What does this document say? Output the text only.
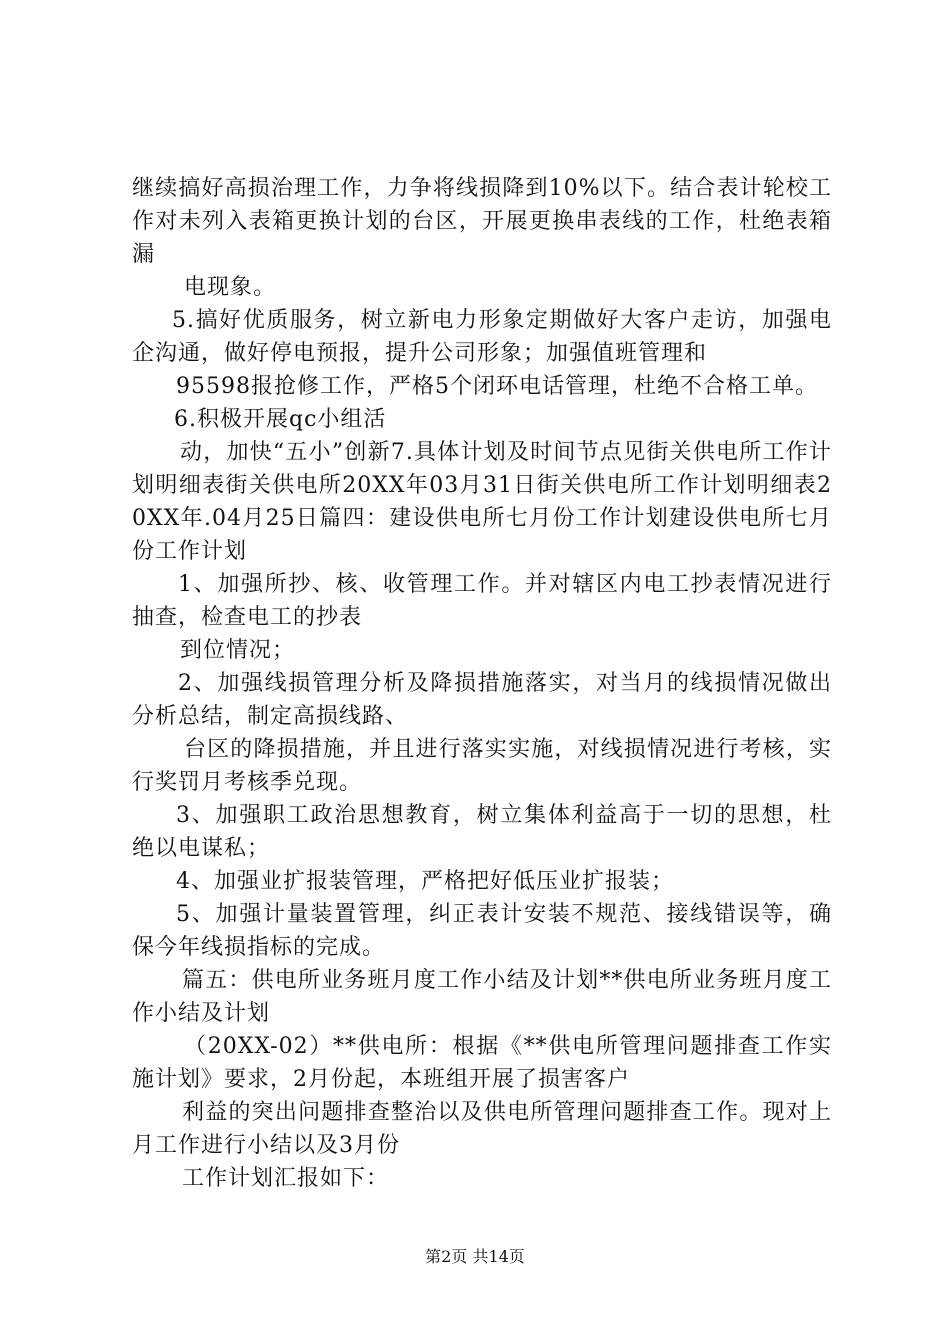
继续搞好高损治理工作，力争将线损降到10%以下。结合表计轮校工作对未列入表箱更换计划的台区，开展更换串表线的工作，杜绝表箱漏

电现象。

5.搞好优质服务，树立新电力形象定期做好大客户走访，加强电企沟通，做好停电预报，提升公司形象；加强值班管理和

95598报抢修工作，严格5个闭环电话管理，杜绝不合格工单。

6.积极开展qc小组活

动，加快“五小”创新7.具体计划及时间节点见街关供电所工作计划明细表街关供电所20XX年03月31日街关供电所工作计划明细表20XX年.04月25日篇四：建设供电所七月份工作计划建设供电所七月份工作计划

1、加强所抄、核、收管理工作。并对辖区内电工抄表情况进行抽查，检查电工的抄表

到位情况；

2、加强线损管理分析及降损措施落实，对当月的线损情况做出分析总结，制定高损线路、

台区的降损措施，并且进行落实实施，对线损情况进行考核，实行奖罚月考核季兑现。

3、加强职工政治思想教育，树立集体利益高于一切的思想，杜绝以电谋私；

4、加强业扩报装管理，严格把好低压业扩报装；

5、加强计量装置管理，纠正表计安装不规范、接线错误等，确保今年线损指标的完成。

篇五：供电所业务班月度工作小结及计划**供电所业务班月度工作小结及计划

（20XX-02）**供电所：根据《**供电所管理问题排查工作实施计划》要求，2月份起，本班组开展了损害客户

利益的突出问题排查整治以及供电所管理问题排查工作。现对上月工作进行小结以及3月份

工作计划汇报如下：

第2页 共14页
